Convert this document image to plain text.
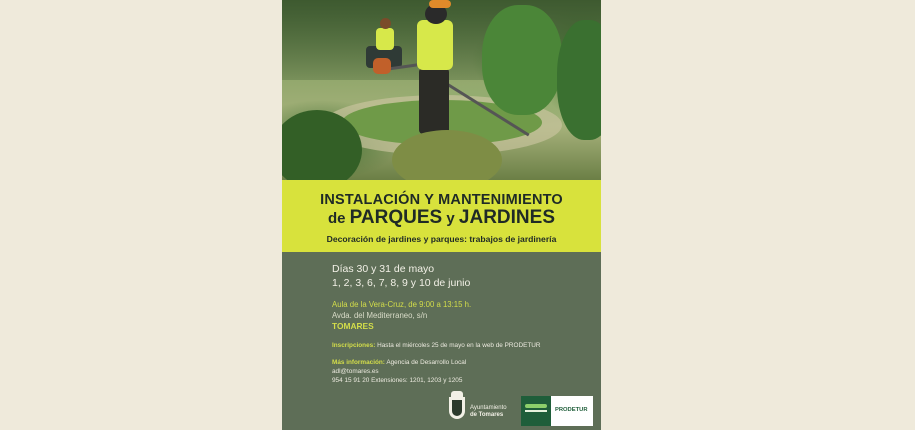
INSTALACIÓN Y MANTENIMIENTO
de PARQUES y JARDINES
Decoración de jardines y parques: trabajos de jardinería
Días 30 y 31 de mayo
1, 2, 3, 6, 7, 8, 9 y 10 de junio
Aula de la Vera-Cruz, de 9:00 a 13:15 h.
Avda. del Mediterraneo, s/n
TOMARES
Inscripciones: Hasta el miércoles 25 de mayo en la web de PRODETUR
Más información: Agencia de Desarrollo Local
adl@tomares.es
954 15 91 20 Extensiones: 1201, 1203 y 1205
Ayuntamiento
de Tomares
PRODETUR
